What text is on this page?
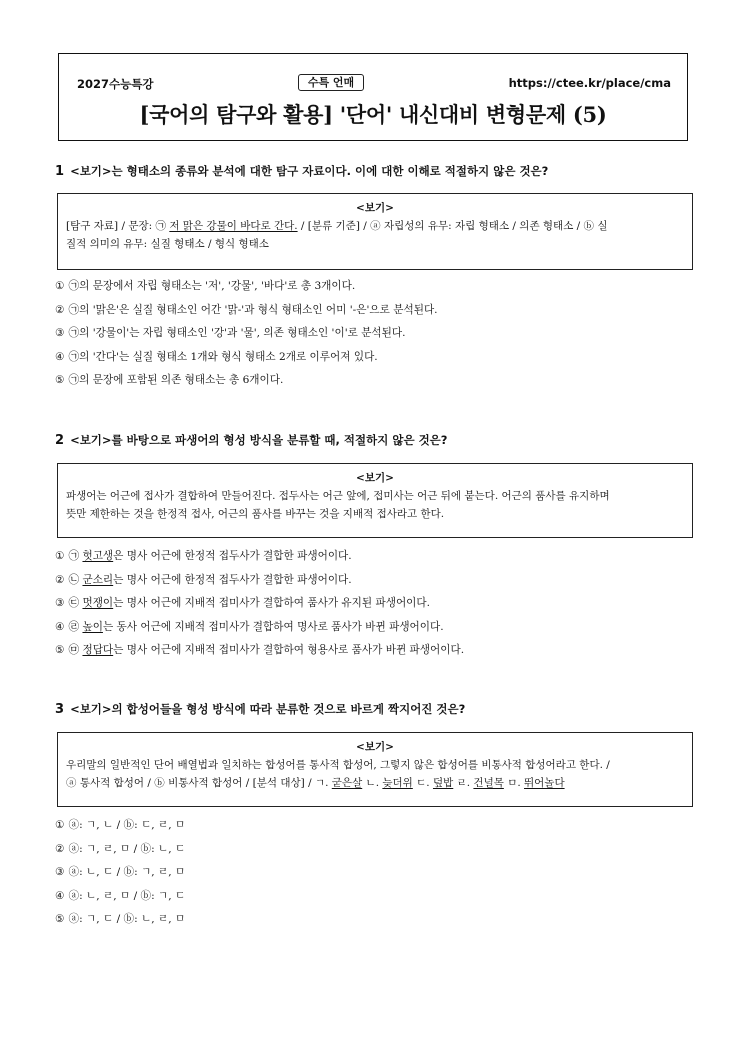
2027수능특강	수특 언매	https://ctee.kr/place/cma
[국어의 탐구와 활용] '단어' 내신대비 변형문제 (5)
1 <보기>는 형태소의 종류와 분석에 대한 탐구 자료이다. 이에 대한 이해로 적절하지 않은 것은?
<보기>
[탐구 자료] / 문장: ㉠ 저 맑은 강물이 바다로 간다. / [분류 기준] / ⓐ 자립성의 유무: 자립 형태소 / 의존 형태소 / ⓑ 실
질적 의미의 유무: 실질 형태소 / 형식 형태소
① ㉠의 문장에서 자립 형태소는 '저', '강물', '바다'로 총 3개이다.
② ㉠의 '맑은'은 실질 형태소인 어간 '맑-'과 형식 형태소인 어미 '-은'으로 분석된다.
③ ㉠의 '강물이'는 자립 형태소인 '강'과 '물', 의존 형태소인 '이'로 분석된다.
④ ㉠의 '간다'는 실질 형태소 1개와 형식 형태소 2개로 이루어져 있다.
⑤ ㉠의 문장에 포함된 의존 형태소는 총 6개이다.
2 <보기>를 바탕으로 파생어의 형성 방식을 분류할 때, 적절하지 않은 것은?
<보기>
파생어는 어근에 접사가 결합하여 만들어진다. 접두사는 어근 앞에, 접미사는 어근 뒤에 붙는다. 어근의 품사를 유지하며
뜻만 제한하는 것을 한정적 접사, 어근의 품사를 바꾸는 것을 지배적 접사라고 한다.
① ㉠ 헛고생은 명사 어근에 한정적 접두사가 결합한 파생어이다.
② ㉡ 군소리는 명사 어근에 한정적 접두사가 결합한 파생어이다.
③ ㉢ 멋쟁이는 명사 어근에 지배적 접미사가 결합하여 품사가 유지된 파생어이다.
④ ㉣ 높이는 동사 어근에 지배적 접미사가 결합하여 명사로 품사가 바뀐 파생어이다.
⑤ ㉤ 정답다는 명사 어근에 지배적 접미사가 결합하여 형용사로 품사가 바뀐 파생어이다.
3 <보기>의 합성어들을 형성 방식에 따라 분류한 것으로 바르게 짝지어진 것은?
<보기>
우리말의 일반적인 단어 배열법과 일치하는 합성어를 통사적 합성어, 그렇지 않은 합성어를 비통사적 합성어라고 한다. /
ⓐ 통사적 합성어 / ⓑ 비통사적 합성어 / [분석 대상] / ㄱ. 굳은살 ㄴ. 늦더위 ㄷ. 덮밥 ㄹ. 건널목 ㅁ. 뛰어놀다
① ⓐ: ㄱ, ㄴ / ⓑ: ㄷ, ㄹ, ㅁ
② ⓐ: ㄱ, ㄹ, ㅁ / ⓑ: ㄴ, ㄷ
③ ⓐ: ㄴ, ㄷ / ⓑ: ㄱ, ㄹ, ㅁ
④ ⓐ: ㄴ, ㄹ, ㅁ / ⓑ: ㄱ, ㄷ
⑤ ⓐ: ㄱ, ㄷ / ⓑ: ㄴ, ㄹ, ㅁ
